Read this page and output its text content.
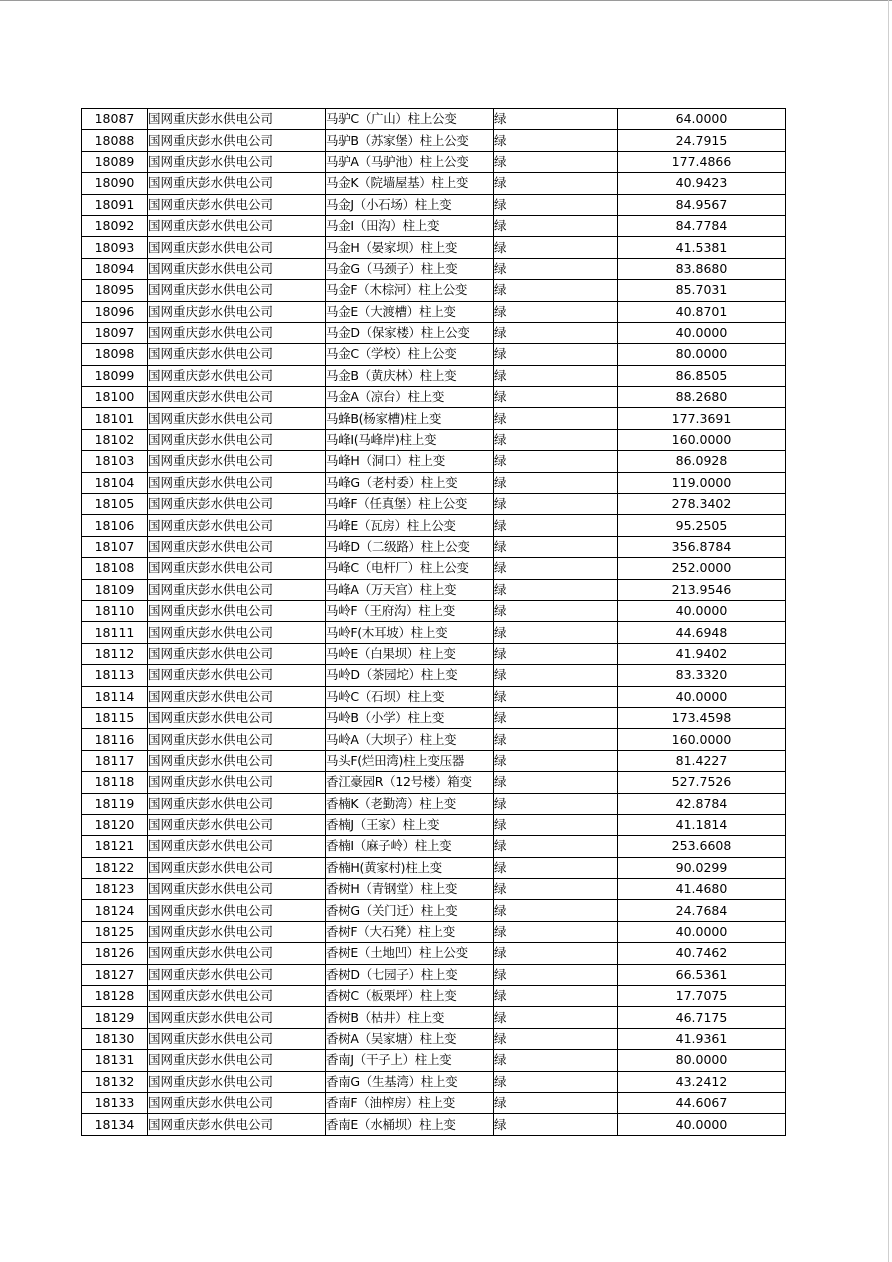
18087	国网重庆彭水供电公司	马驴C（广山）柱上公变	绿	64.0000
18088	国网重庆彭水供电公司	马驴B（苏家堡）柱上公变	绿	24.7915
18089	国网重庆彭水供电公司	马驴A（马驴池）柱上公变	绿	177.4866
18090	国网重庆彭水供电公司	马金K（院墙屋基）柱上变	绿	40.9423
18091	国网重庆彭水供电公司	马金J（小石场）柱上变	绿	84.9567
18092	国网重庆彭水供电公司	马金I（田沟）柱上变	绿	84.7784
18093	国网重庆彭水供电公司	马金H（晏家坝）柱上变	绿	41.5381
18094	国网重庆彭水供电公司	马金G（马颈子）柱上变	绿	83.8680
18095	国网重庆彭水供电公司	马金F（木棕河）柱上公变	绿	85.7031
18096	国网重庆彭水供电公司	马金E（大渡槽）柱上变	绿	40.8701
18097	国网重庆彭水供电公司	马金D（保家楼）柱上公变	绿	40.0000
18098	国网重庆彭水供电公司	马金C（学校）柱上公变	绿	80.0000
18099	国网重庆彭水供电公司	马金B（黄庆林）柱上变	绿	86.8505
18100	国网重庆彭水供电公司	马金A（凉台）柱上变	绿	88.2680
18101	国网重庆彭水供电公司	马蜂B(杨家槽)柱上变	绿	177.3691
18102	国网重庆彭水供电公司	马峰I(马峰岸)柱上变	绿	160.0000
18103	国网重庆彭水供电公司	马峰H（洞口）柱上变	绿	86.0928
18104	国网重庆彭水供电公司	马峰G（老村委）柱上变	绿	119.0000
18105	国网重庆彭水供电公司	马峰F（任真堡）柱上公变	绿	278.3402
18106	国网重庆彭水供电公司	马峰E（瓦房）柱上公变	绿	95.2505
18107	国网重庆彭水供电公司	马峰D（二级路）柱上公变	绿	356.8784
18108	国网重庆彭水供电公司	马峰C（电杆厂）柱上公变	绿	252.0000
18109	国网重庆彭水供电公司	马峰A（万天宫）柱上变	绿	213.9546
18110	国网重庆彭水供电公司	马岭F（王府沟）柱上变	绿	40.0000
18111	国网重庆彭水供电公司	马岭F(木耳坡）柱上变	绿	44.6948
18112	国网重庆彭水供电公司	马岭E（白果坝）柱上变	绿	41.9402
18113	国网重庆彭水供电公司	马岭D（茶园坨）柱上变	绿	83.3320
18114	国网重庆彭水供电公司	马岭C（石坝）柱上变	绿	40.0000
18115	国网重庆彭水供电公司	马岭B（小学）柱上变	绿	173.4598
18116	国网重庆彭水供电公司	马岭A（大坝子）柱上变	绿	160.0000
18117	国网重庆彭水供电公司	马头F(烂田湾)柱上变压器	绿	81.4227
18118	国网重庆彭水供电公司	香江豪园R（12号楼）箱变	绿	527.7526
18119	国网重庆彭水供电公司	香楠K（老勤湾）柱上变	绿	42.8784
18120	国网重庆彭水供电公司	香楠J（王家）柱上变	绿	41.1814
18121	国网重庆彭水供电公司	香楠I（麻子岭）柱上变	绿	253.6608
18122	国网重庆彭水供电公司	香楠H(黄家村)柱上变	绿	90.0299
18123	国网重庆彭水供电公司	香树H（青钢堂）柱上变	绿	41.4680
18124	国网重庆彭水供电公司	香树G（关门迁）柱上变	绿	24.7684
18125	国网重庆彭水供电公司	香树F（大石凳）柱上变	绿	40.0000
18126	国网重庆彭水供电公司	香树E（土地凹）柱上公变	绿	40.7462
18127	国网重庆彭水供电公司	香树D（七园子）柱上变	绿	66.5361
18128	国网重庆彭水供电公司	香树C（板栗坪）柱上变	绿	17.7075
18129	国网重庆彭水供电公司	香树B（枯井）柱上变	绿	46.7175
18130	国网重庆彭水供电公司	香树A（吴家塘）柱上变	绿	41.9361
18131	国网重庆彭水供电公司	香南J（干子上）柱上变	绿	80.0000
18132	国网重庆彭水供电公司	香南G（生基湾）柱上变	绿	43.2412
18133	国网重庆彭水供电公司	香南F（油榨房）柱上变	绿	44.6067
18134	国网重庆彭水供电公司	香南E（水桶坝）柱上变	绿	40.0000
